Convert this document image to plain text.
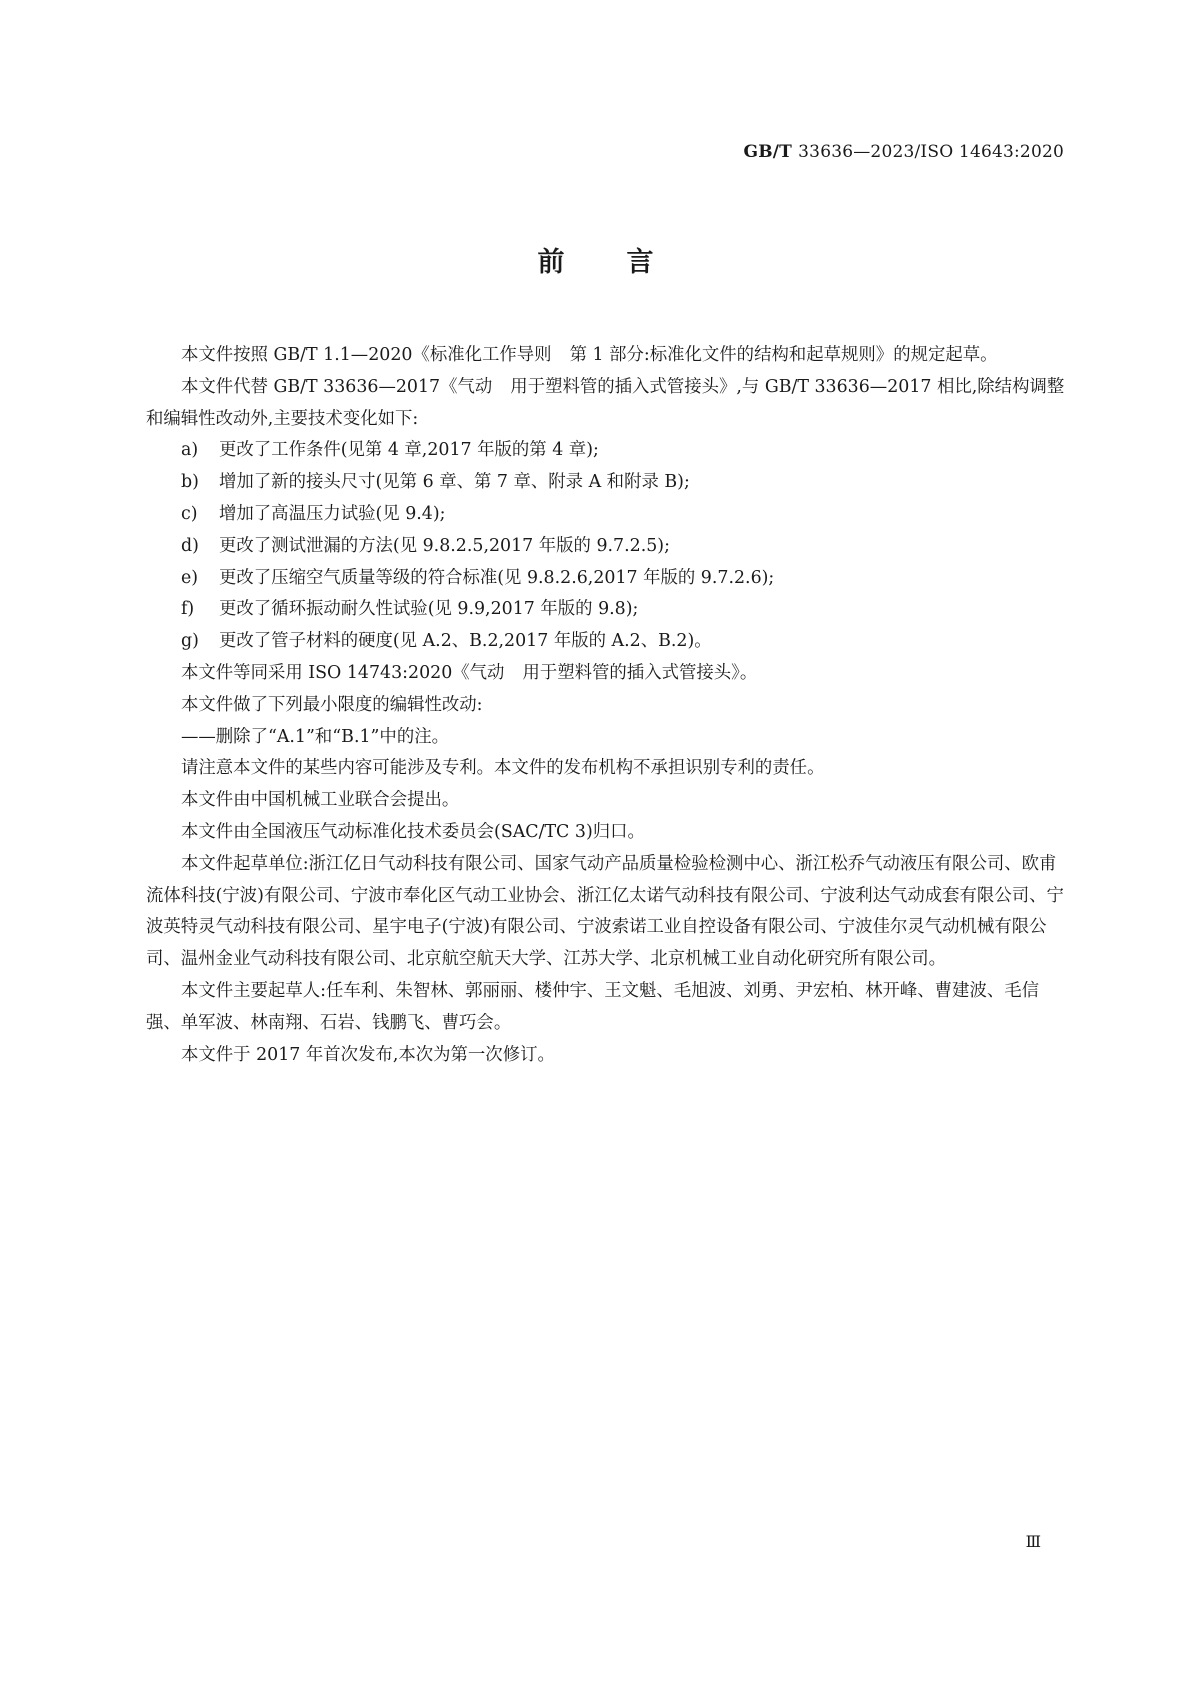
GB/T 33636—2023/ISO 14643:2020
前 言

本文件按照 GB/T 1.1—2020《标准化工作导则 第 1 部分:标准化文件的结构和起草规则》的规定起草。

本文件代替 GB/T 33636—2017《气动 用于塑料管的插入式管接头》,与 GB/T 33636—2017 相比,除结构调整和编辑性改动外,主要技术变化如下:

a) 更改了工作条件(见第 4 章,2017 年版的第 4 章);

b) 增加了新的接头尺寸(见第 6 章、第 7 章、附录 A 和附录 B);

c) 增加了高温压力试验(见 9.4);

d) 更改了测试泄漏的方法(见 9.8.2.5,2017 年版的 9.7.2.5);

e) 更改了压缩空气质量等级的符合标准(见 9.8.2.6,2017 年版的 9.7.2.6);

f) 更改了循环振动耐久性试验(见 9.9,2017 年版的 9.8);

g) 更改了管子材料的硬度(见 A.2、B.2,2017 年版的 A.2、B.2)。

本文件等同采用 ISO 14743:2020《气动 用于塑料管的插入式管接头》。

本文件做了下列最小限度的编辑性改动:

——删除了“A.1”和“B.1”中的注。

请注意本文件的某些内容可能涉及专利。本文件的发布机构不承担识别专利的责任。

本文件由中国机械工业联合会提出。

本文件由全国液压气动标准化技术委员会(SAC/TC 3)归口。

本文件起草单位:浙江亿日气动科技有限公司、国家气动产品质量检验检测中心、浙江松乔气动液压有限公司、欧甫流体科技(宁波)有限公司、宁波市奉化区气动工业协会、浙江亿太诺气动科技有限公司、宁波利达气动成套有限公司、宁波英特灵气动科技有限公司、星宇电子(宁波)有限公司、宁波索诺工业自控设备有限公司、宁波佳尔灵气动机械有限公司、温州金业气动科技有限公司、北京航空航天大学、江苏大学、北京机械工业自动化研究所有限公司。

本文件主要起草人:任车利、朱智林、郭丽丽、楼仲宇、王文魁、毛旭波、刘勇、尹宏柏、林开峰、曹建波、毛信强、单军波、林南翔、石岩、钱鹏飞、曹巧会。

本文件于 2017 年首次发布,本次为第一次修订。

Ⅲ
